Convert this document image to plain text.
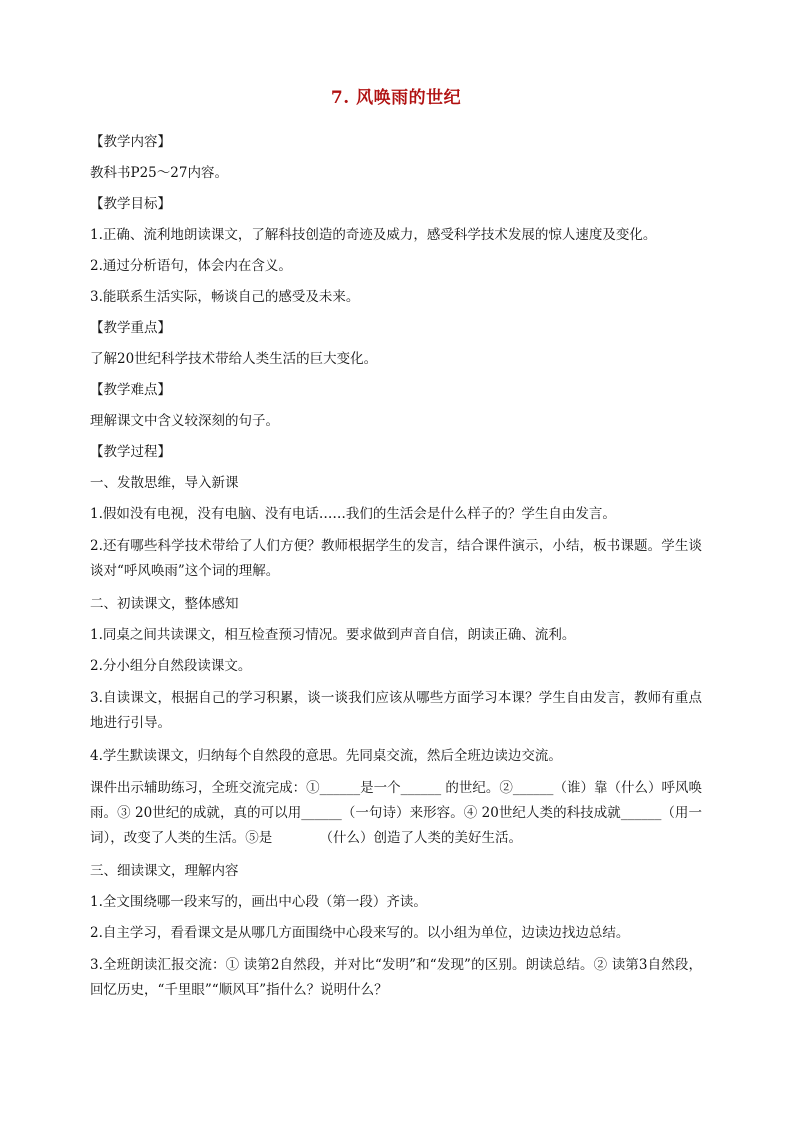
7. 风唤雨的世纪
【教学内容】
教科书P25～27内容。
【教学目标】
1.正确、流利地朗读课文，了解科技创造的奇迹及威力，感受科学技术发展的惊人速度及变化。
2.通过分析语句，体会内在含义。
3.能联系生活实际，畅谈自己的感受及未来。
【教学重点】
了解20世纪科学技术带给人类生活的巨大变化。
【教学难点】
理解课文中含义较深刻的句子。
【教学过程】
一、发散思维，导入新课
1.假如没有电视，没有电脑、没有电话……我们的生活会是什么样子的？学生自由发言。
2.还有哪些科学技术带给了人们方便？教师根据学生的发言，结合课件演示，小结，板书课题。学生谈谈对“呼风唤雨”这个词的理解。
二、初读课文，整体感知
1.同桌之间共读课文，相互检查预习情况。要求做到声音自信，朗读正确、流利。
2.分小组分自然段读课文。
3.自读课文，根据自己的学习积累，谈一谈我们应该从哪些方面学习本课？学生自由发言，教师有重点地进行引导。
4.学生默读课文，归纳每个自然段的意思。先同桌交流，然后全班边读边交流。
课件出示辅助练习，全班交流完成：①______是一个______ 的世纪。②______（谁）靠（什么）呼风唤雨。③ 20世纪的成就，真的可以用______（一句诗）来形容。④ 20世纪人类的科技成就______（用一词），改变了人类的生活。⑤是　　　　（什么）创造了人类的美好生活。
三、细读课文，理解内容
1.全文围绕哪一段来写的，画出中心段（第一段）齐读。
2.自主学习，看看课文是从哪几方面围绕中心段来写的。以小组为单位，边读边找边总结。
3.全班朗读汇报交流：① 读第2自然段，并对比“发明”和“发现”的区别。朗读总结。② 读第3自然段，回忆历史，“千里眼”“顺风耳”指什么？说明什么？
